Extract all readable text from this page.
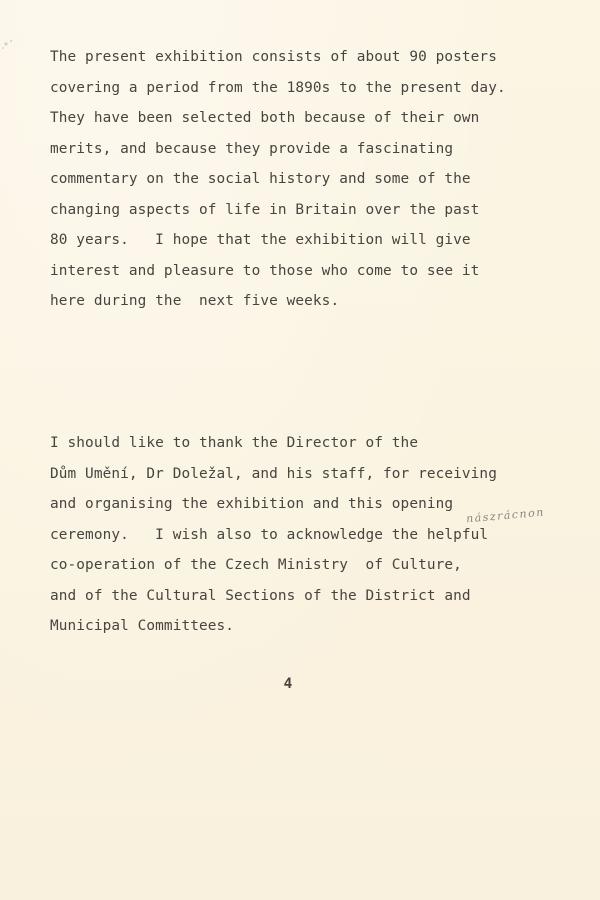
The present exhibition consists of about 90 posters
covering a period from the 1890s to the present day.
They have been selected both because of their own
merits, and because they provide a fascinating
commentary on the social history and some of the
changing aspects of life in Britain over the past
80 years.   I hope that the exhibition will give
interest and pleasure to those who come to see it
here during the  next five weeks.
I should like to thank the Director of the
Dům Umění, Dr Doležal, and his staff, for receiving
and organising the exhibition and this opening
ceremony.   I wish also to acknowledge the helpful
co-operation of the Czech Ministry  of Culture,
and of the Cultural Sections of the District and
Municipal Committees.
nászrácnon
4
